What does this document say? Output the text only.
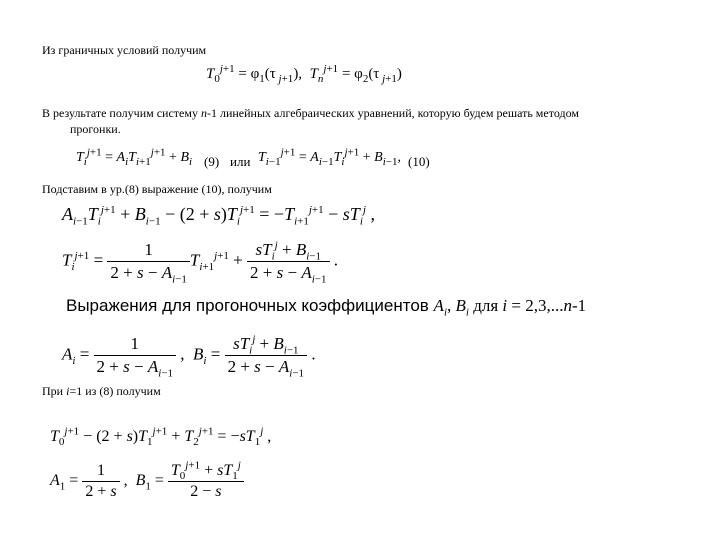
Из граничных условий получим
$T_0^{j+1} = \varphi_1(\tau$ $_{j+1}$),  $T_n^{j+1} = \varphi_2(\tau$ $_{j+1}$)
В результате получим систему n-1 линейных алгебраических уравнений, которую будем решать методом
прогонки.
$T_i^{j+1} = A_iT_{i+1}^{j+1} + B_i$ (9) или $T_{i-1}^{j+1} = A_{i-1}T_i^{j+1} + B_{i-1}$, (10)
Подставим в ур.(8) выражение (10), получим
$A_{i-1}T_i^{j+1} + B_{i-1} - (2 + s)T_i^{j+1} = -T_{i+1}^{j+1} - sT_i^j$ ,
$T_i^{j+1} = \frac{1}{2 + s - A_{i-1}} T_{i+1}^{j+1} + \frac{sT_i^j + B_{i-1}}{2 + s - A_{i-1}}$ .
Выражения для прогоночных коэффициентов $A_i$, $B_i$ для i = 2,3,...n-1
$A_i = \frac{1}{2 + s - A_{i-1}}$ ,  $B_i = \frac{sT_i^j + B_{i-1}}{2 + s - A_{i-1}}$ .
При i=1 из (8) получим
$T_0^{j+1} - (2 + s)T_1^{j+1} + T_2^{j+1} = -sT_1^j$ ,
$A_1 = \frac{1}{2 + s}$ ,  $B_1 = \frac{T_0^{j+1} + sT_1^j}{2 - s}$
